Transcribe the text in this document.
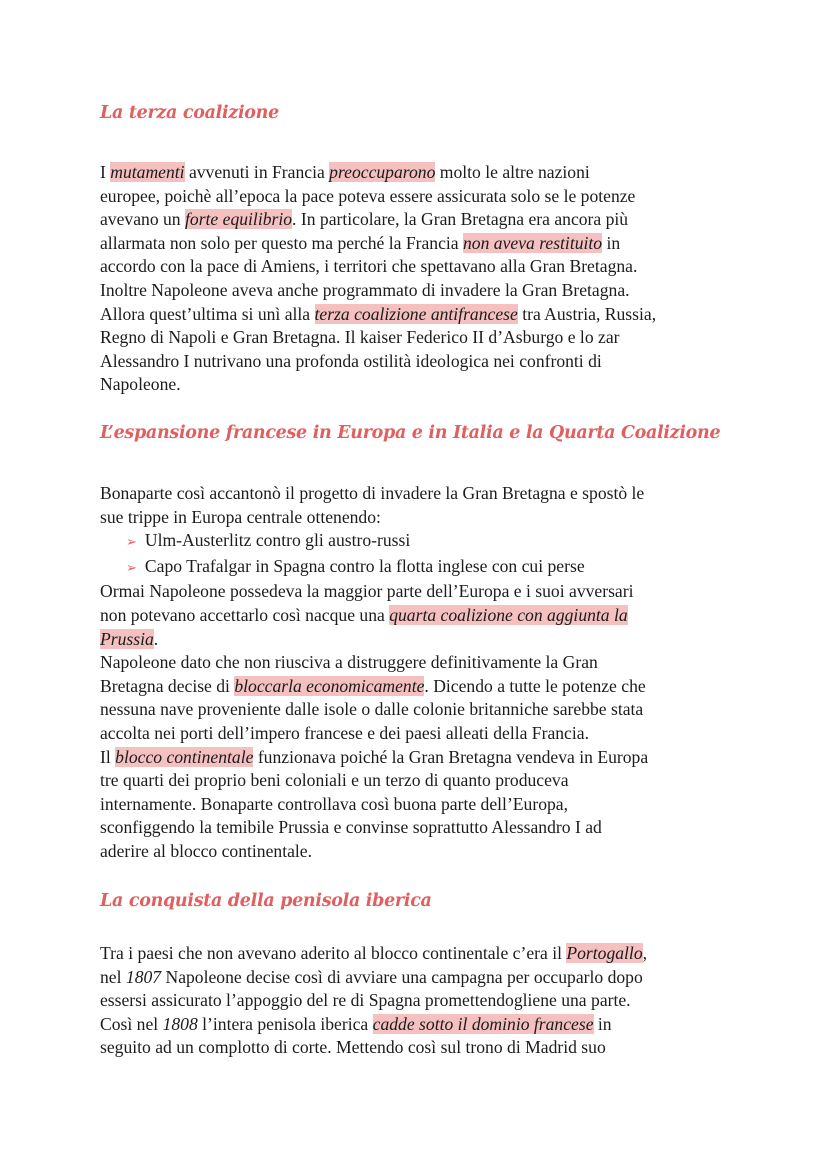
La terza coalizione
I mutamenti avvenuti in Francia preoccuparono molto le altre nazioni
europee, poichè all’epoca la pace poteva essere assicurata solo se le potenze
avevano un forte equilibrio. In particolare, la Gran Bretagna era ancora più
allarmata non solo per questo ma perché la Francia non aveva restituito in
accordo con la pace di Amiens, i territori che spettavano alla Gran Bretagna.
Inoltre Napoleone aveva anche programmato di invadere la Gran Bretagna.
Allora quest’ultima si unì alla terza coalizione antifrancese tra Austria, Russia,
Regno di Napoli e Gran Bretagna. Il kaiser Federico II d’Asburgo e lo zar
Alessandro I nutrivano una profonda ostilità ideologica nei confronti di
Napoleone.
L’espansione francese in Europa e in Italia e la Quarta Coalizione
Bonaparte così accantonò il progetto di invadere la Gran Bretagna e spostò le
sue trippe in Europa centrale ottenendo:

➢ Ulm-Austerlitz contro gli austro-russi
➢ Capo Trafalgar in Spagna contro la flotta inglese con cui perse
Ormai Napoleone possedeva la maggior parte dell’Europa e i suoi avversari
non potevano accettarlo così nacque una quarta coalizione con aggiunta la
Prussia.
Napoleone dato che non riusciva a distruggere definitivamente la Gran
Bretagna decise di bloccarla economicamente. Dicendo a tutte le potenze che
nessuna nave proveniente dalle isole o dalle colonie britanniche sarebbe stata
accolta nei porti dell’impero francese e dei paesi alleati della Francia.
Il blocco continentale funzionava poiché la Gran Bretagna vendeva in Europa
tre quarti dei proprio beni coloniali e un terzo di quanto produceva
internamente. Bonaparte controllava così buona parte dell’Europa,
sconfiggendo la temibile Prussia e convinse soprattutto Alessandro I ad
aderire al blocco continentale.
La conquista della penisola iberica
Tra i paesi che non avevano aderito al blocco continentale c’era il Portogallo,
nel 1807 Napoleone decise così di avviare una campagna per occuparlo dopo
essersi assicurato l’appoggio del re di Spagna promettendogliene una parte.
Così nel 1808 l’intera penisola iberica cadde sotto il dominio francese in
seguito ad un complotto di corte. Mettendo così sul trono di Madrid suo
